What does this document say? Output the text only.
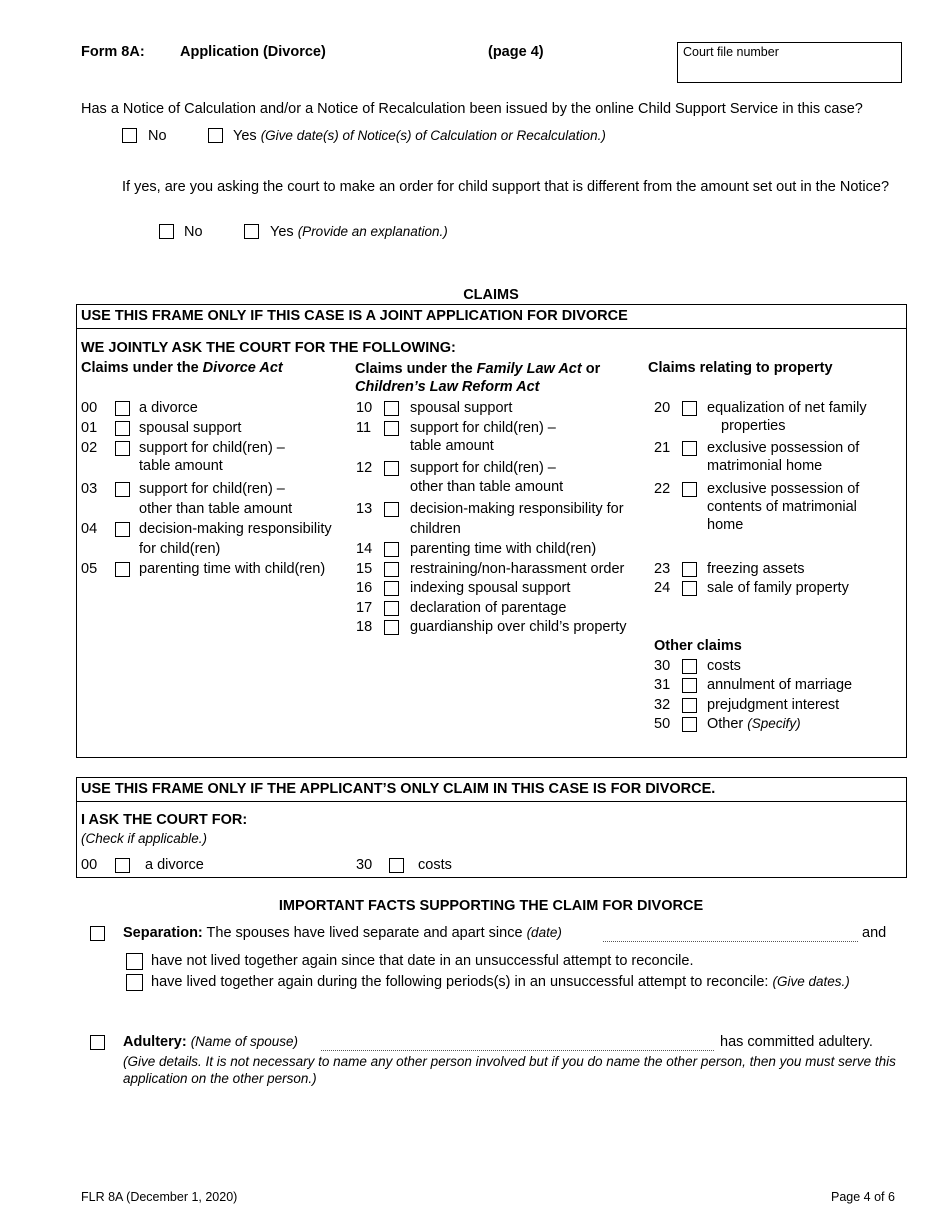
Form 8A: Application (Divorce)	(page 4)	Court file number
Has a Notice of Calculation and/or a Notice of Recalculation been issued by the online Child Support Service in this case?
No	Yes (Give date(s) of Notice(s) of Calculation or Recalculation.)
If yes, are you asking the court to make an order for child support that is different from the amount set out in the Notice?
No	Yes (Provide an explanation.)
CLAIMS
USE THIS FRAME ONLY IF THIS CASE IS A JOINT APPLICATION FOR DIVORCE
WE JOINTLY ASK THE COURT FOR THE FOLLOWING:
Claims under the Divorce Act	Claims under the Family Law Act or
Children’s Law Reform Act
Claims relating to property
00	a divorce
01	spousal support
02	support for child(ren) –
table amount
03	support for child(ren) –
other than table amount
04	decision-making responsibility
for child(ren)
05	parenting time with child(ren)
10	spousal support
11	support for child(ren) –
table amount
12	support for child(ren) –
other than table amount
13	decision-making responsibility for
children
14	parenting time with child(ren)
15	restraining/non-harassment order
16	indexing spousal support
17	declaration of parentage
18	guardianship over child’s property
20	equalization of net family
properties
21	exclusive possession of
matrimonial home
22	exclusive possession of
contents of matrimonial
home
23	freezing assets
24	sale of family property
Other claims
30	costs
31	annulment of marriage
32	prejudgment interest
50	Other (Specify)
USE THIS FRAME ONLY IF THE APPLICANT’S ONLY CLAIM IN THIS CASE IS FOR DIVORCE.
I ASK THE COURT FOR:
(Check if applicable.)
00	a divorce	30	costs
IMPORTANT FACTS SUPPORTING THE CLAIM FOR DIVORCE
Separation: The spouses have lived separate and apart since (date)	and
have not lived together again since that date in an unsuccessful attempt to reconcile.
have lived together again during the following periods(s) in an unsuccessful attempt to reconcile: (Give dates.)
Adultery: (Name of spouse)	has committed adultery.
(Give details. It is not necessary to name any other person involved but if you do name the other person, then you must serve this application on the other person.)
FLR 8A (December 1, 2020)	Page 4 of 6
